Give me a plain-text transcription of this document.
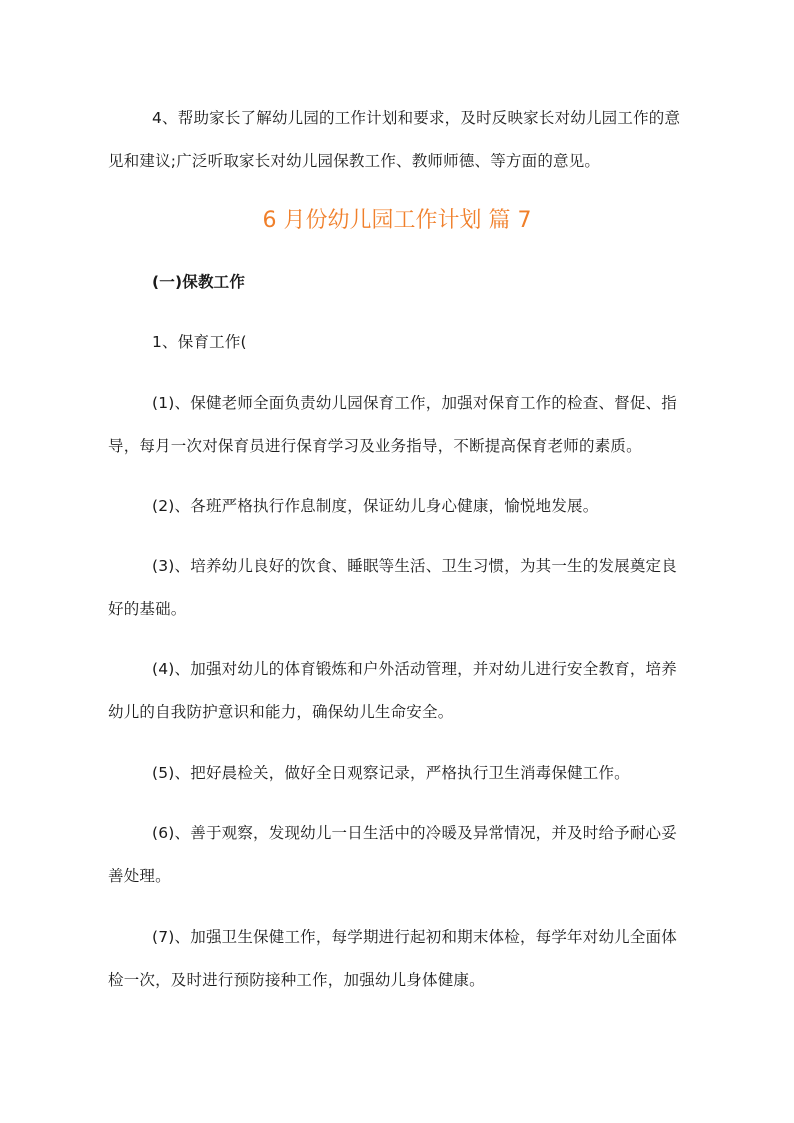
4、帮助家长了解幼儿园的工作计划和要求，及时反映家长对幼儿园工作的意见和建议;广泛听取家长对幼儿园保教工作、教师师德、等方面的意见。

6 月份幼儿园工作计划 篇 7

(一)保教工作

1、保育工作(

(1)、保健老师全面负责幼儿园保育工作，加强对保育工作的检查、督促、指导，每月一次对保育员进行保育学习及业务指导，不断提高保育老师的素质。

(2)、各班严格执行作息制度，保证幼儿身心健康，愉悦地发展。

(3)、培养幼儿良好的饮食、睡眠等生活、卫生习惯，为其一生的发展奠定良好的基础。

(4)、加强对幼儿的体育锻炼和户外活动管理，并对幼儿进行安全教育，培养幼儿的自我防护意识和能力，确保幼儿生命安全。

(5)、把好晨检关，做好全日观察记录，严格执行卫生消毒保健工作。

(6)、善于观察，发现幼儿一日生活中的冷暖及异常情况，并及时给予耐心妥善处理。

(7)、加强卫生保健工作，每学期进行起初和期末体检，每学年对幼儿全面体检一次，及时进行预防接种工作，加强幼儿身体健康。
